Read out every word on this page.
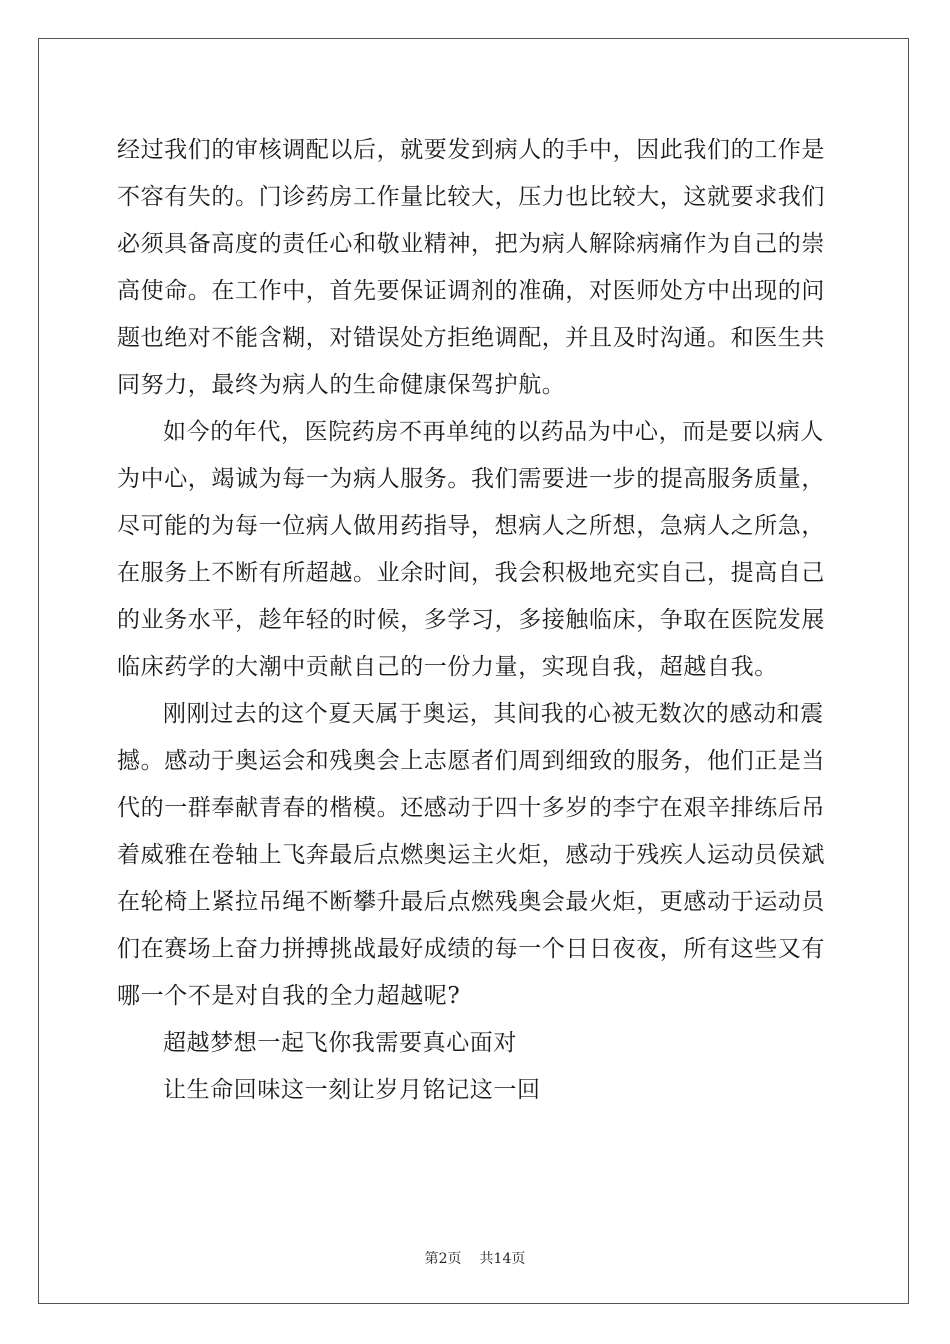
经过我们的审核调配以后，就要发到病人的手中，因此我们的工作是
不容有失的。门诊药房工作量比较大，压力也比较大，这就要求我们
必须具备高度的责任心和敬业精神，把为病人解除病痛作为自己的崇
高使命。在工作中，首先要保证调剂的准确，对医师处方中出现的问
题也绝对不能含糊，对错误处方拒绝调配，并且及时沟通。和医生共
同努力，最终为病人的生命健康保驾护航。
如今的年代，医院药房不再单纯的以药品为中心，而是要以病人
为中心，竭诚为每一为病人服务。我们需要进一步的提高服务质量，
尽可能的为每一位病人做用药指导，想病人之所想，急病人之所急，
在服务上不断有所超越。业余时间，我会积极地充实自己，提高自己
的业务水平，趁年轻的时候，多学习，多接触临床，争取在医院发展
临床药学的大潮中贡献自己的一份力量，实现自我，超越自我。
刚刚过去的这个夏天属于奥运，其间我的心被无数次的感动和震
撼。感动于奥运会和残奥会上志愿者们周到细致的服务，他们正是当
代的一群奉献青春的楷模。还感动于四十多岁的李宁在艰辛排练后吊
着威雅在卷轴上飞奔最后点燃奥运主火炬，感动于残疾人运动员侯斌
在轮椅上紧拉吊绳不断攀升最后点燃残奥会最火炬，更感动于运动员
们在赛场上奋力拼搏挑战最好成绩的每一个日日夜夜，所有这些又有
哪一个不是对自我的全力超越呢?
超越梦想一起飞你我需要真心面对
让生命回味这一刻让岁月铭记这一回
第2页 共14页
